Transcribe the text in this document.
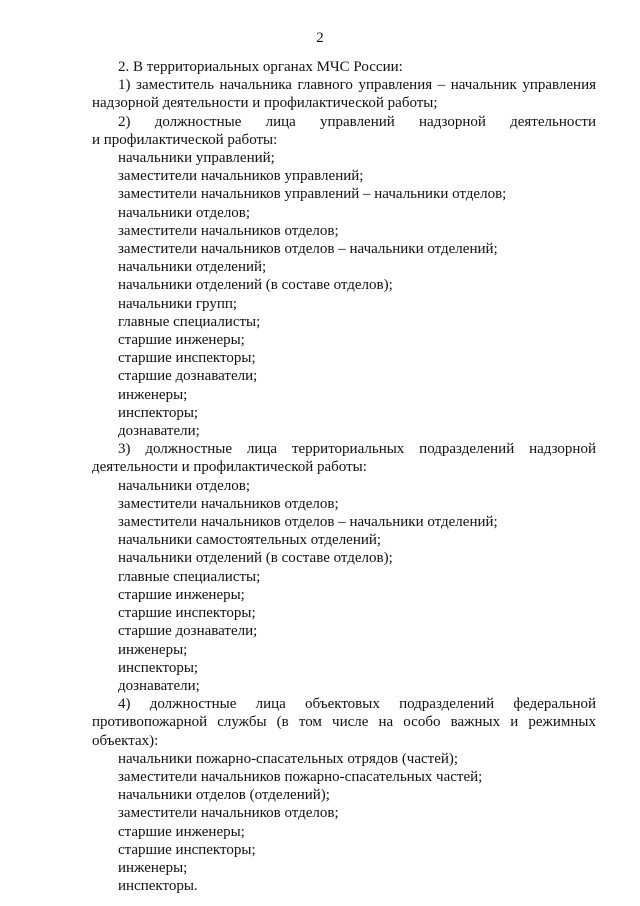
2
2. В территориальных органах МЧС России:
1) заместитель начальника главного управления – начальник управления
надзорной деятельности и профилактической работы;
2) должностные лица управлений надзорной деятельности
и профилактической работы:
начальники управлений;
заместители начальников управлений;
заместители начальников управлений – начальники отделов;
начальники отделов;
заместители начальников отделов;
заместители начальников отделов – начальники отделений;
начальники отделений;
начальники отделений (в составе отделов);
начальники групп;
главные специалисты;
старшие инженеры;
старшие инспекторы;
старшие дознаватели;
инженеры;
инспекторы;
дознаватели;
3) должностные лица территориальных подразделений надзорной
деятельности и профилактической работы:
начальники отделов;
заместители начальников отделов;
заместители начальников отделов – начальники отделений;
начальники самостоятельных отделений;
начальники отделений (в составе отделов);
главные специалисты;
старшие инженеры;
старшие инспекторы;
старшие дознаватели;
инженеры;
инспекторы;
дознаватели;
4) должностные лица объектовых подразделений федеральной
противопожарной службы (в том числе на особо важных и режимных
объектах):
начальники пожарно-спасательных отрядов (частей);
заместители начальников пожарно-спасательных частей;
начальники отделов (отделений);
заместители начальников отделов;
старшие инженеры;
старшие инспекторы;
инженеры;
инспекторы.
